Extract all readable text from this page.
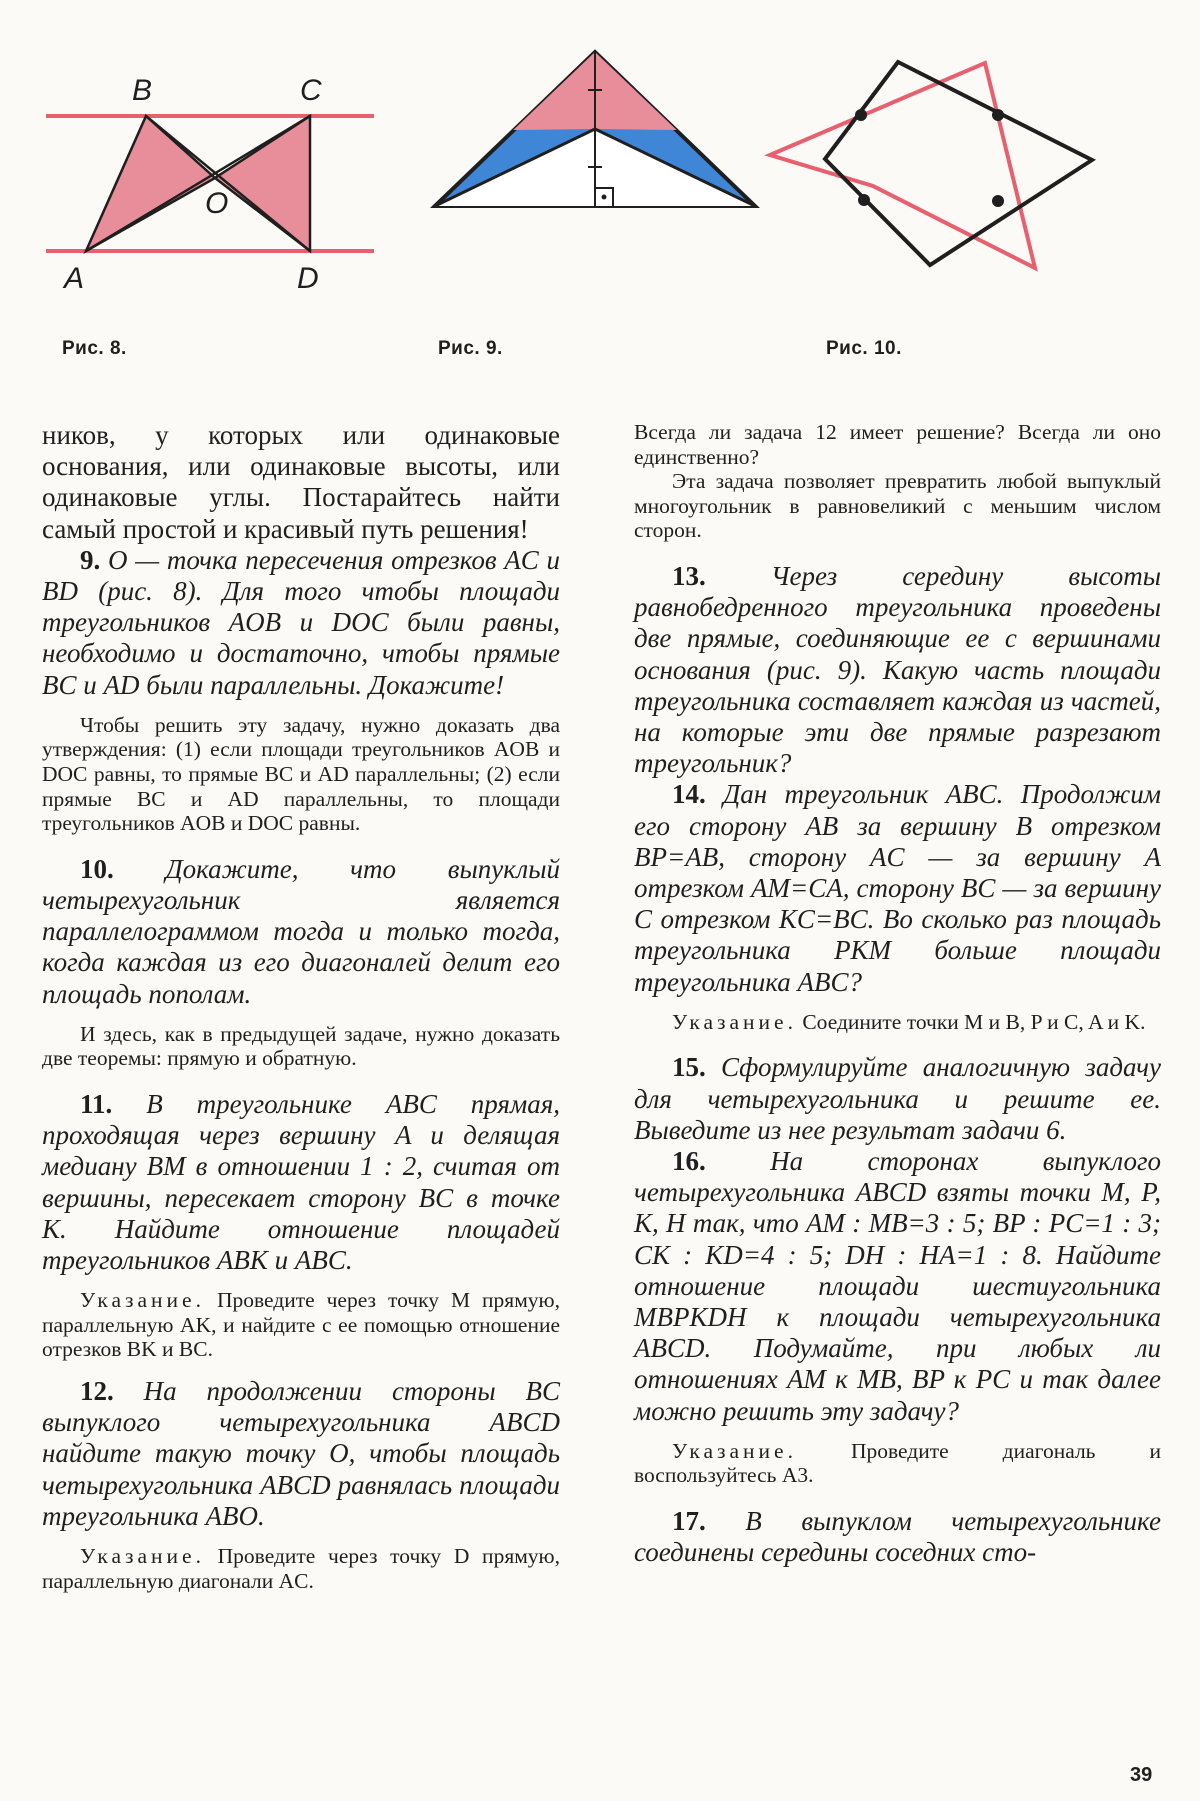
B	C
O
A	D
Рис. 8.	Рис. 9.	Рис. 10.

ников, у которых или одинаковые основания, или одинаковые высоты, или одинаковые углы. Постарайтесь найти самый простой и красивый путь решения!

9. O — точка пересечения отрезков AC и BD (рис. 8). Для того чтобы площади треугольников AOB и DOC были равны, необходимо и достаточно, чтобы прямые BC и AD были параллельны. Докажите!

Чтобы решить эту задачу, нужно доказать два утверждения: (1) если площади треугольников AOB и DOC равны, то прямые BC и AD параллельны; (2) если прямые BC и AD параллельны, то площади треугольников AOB и DOC равны.

10. Докажите, что выпуклый четырехугольник является параллелограммом тогда и только тогда, когда каждая из его диагоналей делит его площадь пополам.

И здесь, как в предыдущей задаче, нужно доказать две теоремы: прямую и обратную.

11. В треугольнике ABC прямая, проходящая через вершину A и делящая медиану BM в отношении 1 : 2, считая от вершины, пересекает сторону BC в точке K. Найдите отношение площадей треугольников ABK и ABC.

Указание. Проведите через точку M прямую, параллельную AK, и найдите с ее помощью отношение отрезков BK и BC.

12. На продолжении стороны BC выпуклого четырехугольника ABCD найдите такую точку O, чтобы площадь четырехугольника ABCD равнялась площади треугольника ABO.

Указание. Проведите через точку D прямую, параллельную диагонали AC.

Всегда ли задача 12 имеет решение? Всегда ли оно единственно?

Эта задача позволяет превратить любой выпуклый многоугольник в равновеликий с меньшим числом сторон.

13. Через середину высоты равнобедренного треугольника проведены две прямые, соединяющие ее с вершинами основания (рис. 9). Какую часть площади треугольника составляет каждая из частей, на которые эти две прямые разрезают треугольник?

14. Дан треугольник ABC. Продолжим его сторону AB за вершину B отрезком BP=AB, сторону AC — за вершину A отрезком AM=CA, сторону BC — за вершину C отрезком KC=BC. Во сколько раз площадь треугольника PKM больше площади треугольника ABC?

Указание. Соедините точки M и B, P и C, A и K.

15. Сформулируйте аналогичную задачу для четырехугольника и решите ее. Выведите из нее результат задачи 6.

16. На сторонах выпуклого четырехугольника ABCD взяты точки M, P, K, H так, что AM : MB=3 : 5; BP : PC=1 : 3; CK : KD=4 : 5; DH : HA=1 : 8. Найдите отношение площади шестиугольника MBPKDH к площади четырехугольника ABCD. Подумайте, при любых ли отношениях AM к MB, BP к PC и так далее можно решить эту задачу?

Указание. Проведите диагональ и воспользуйтесь А3.

17. В выпуклом четырехугольнике соединены середины соседних сто-

39
